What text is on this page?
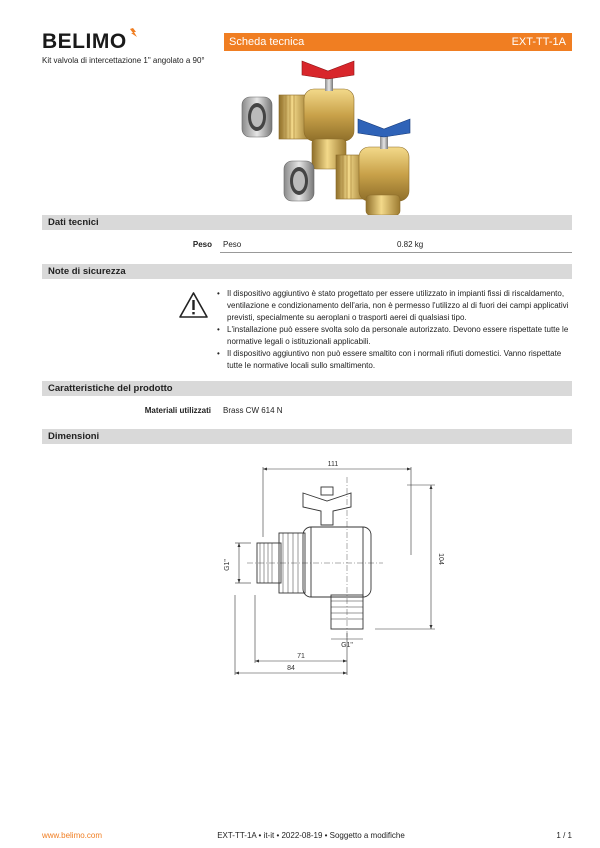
BELIMO
Kit valvola di intercettazione 1" angolato a 90°
Scheda tecnica	EXT-TT-1A
Dati tecnici
Peso Peso	0.82 kg
Note di sicurezza
• Il dispositivo aggiuntivo è stato progettato per essere utilizzato in impianti fissi di riscaldamento, ventilazione e condizionamento dell'aria, non è permesso l'utilizzo al di fuori dei campi applicativi previsti, specialmente su aeroplani o trasporti aerei di qualsiasi tipo.
• L'installazione può essere svolta solo da personale autorizzato. Devono essere rispettate tutte le normative legali o istituzionali applicabili.
• Il dispositivo aggiuntivo non può essere smaltito con i normali rifiuti domestici. Vanno rispettate tutte le normative locali sullo smaltimento.
Caratteristiche del prodotto
Materiali utilizzati Brass CW 614 N
Dimensioni
111
104
71
84
G1"
G1"
www.belimo.com	EXT-TT-1A • it-it • 2022-08-19 • Soggetto a modifiche	1 / 1
